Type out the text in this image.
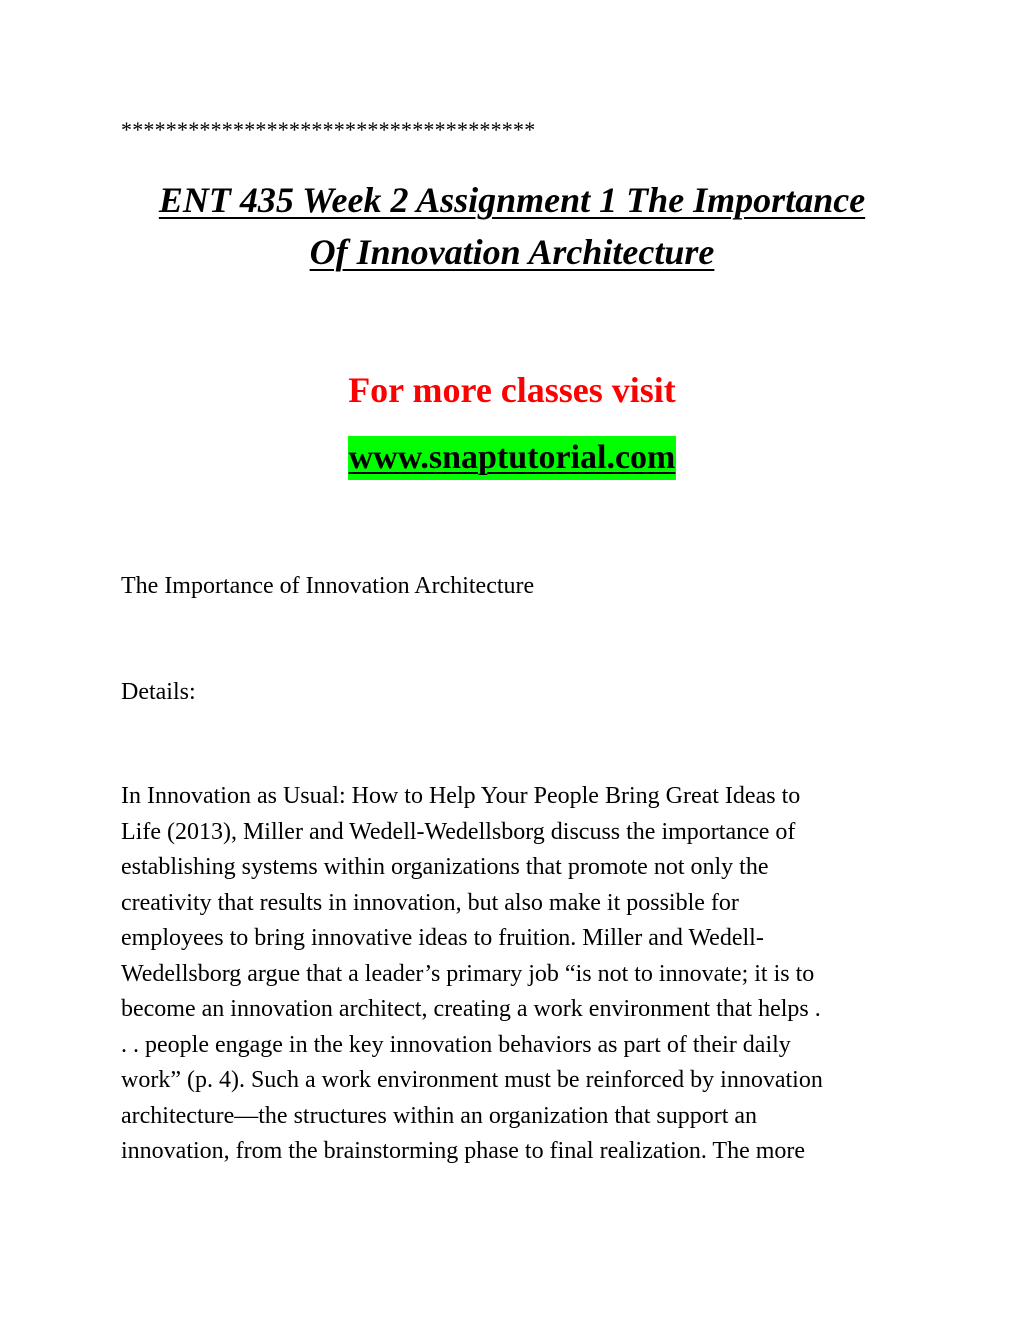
*************************************
ENT 435 Week 2 Assignment 1 The Importance
Of Innovation Architecture
For more classes visit
www.snaptutorial.com
The Importance of Innovation Architecture
Details:
In Innovation as Usual: How to Help Your People Bring Great Ideas to
Life (2013), Miller and Wedell-Wedellsborg discuss the importance of
establishing systems within organizations that promote not only the
creativity that results in innovation, but also make it possible for
employees to bring innovative ideas to fruition. Miller and Wedell-
Wedellsborg argue that a leader’s primary job “is not to innovate; it is to
become an innovation architect, creating a work environment that helps .
. . people engage in the key innovation behaviors as part of their daily
work” (p. 4). Such a work environment must be reinforced by innovation
architecture—the structures within an organization that support an
innovation, from the brainstorming phase to final realization. The more
